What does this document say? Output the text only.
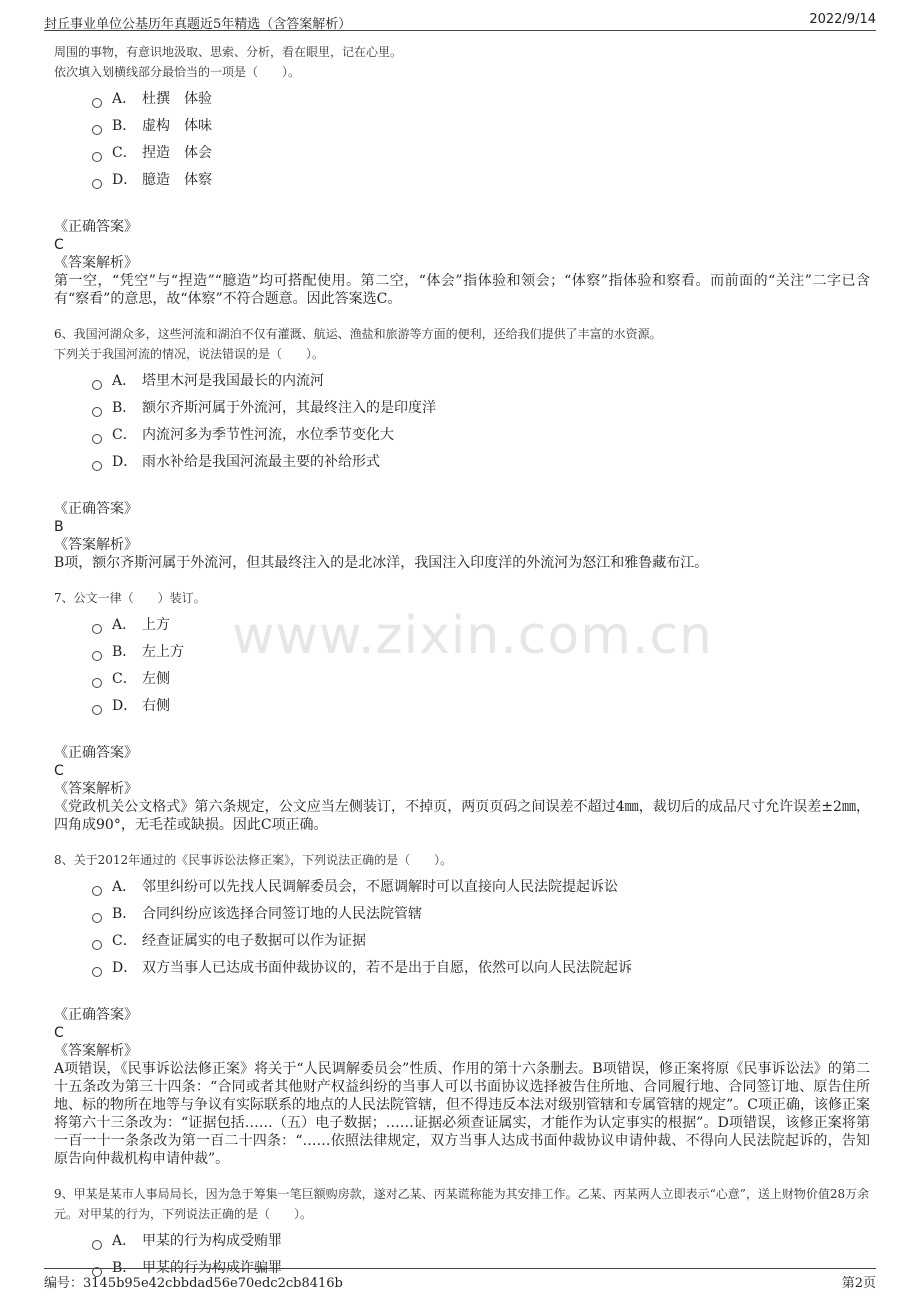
封丘事业单位公基历年真题近5年精选（含答案解析）	2022/9/14
www.zixin.com.cn
周围的事物，有意识地汲取、思索、分析，看在眼里，记在心里。
依次填入划横线部分最恰当的一项是（　　）。
A． 杜撰　体验
B． 虚构　体味
C． 捏造　体会
D． 臆造　体察
《正确答案》
C
《答案解析》
第一空，“凭空”与“捏造”“臆造”均可搭配使用。第二空，“体会”指体验和领会；“体察”指体验和察看。而前面的“关注”二字已含有“察看”的意思，故“体察”不符合题意。因此答案选C。
6、我国河湖众多，这些河流和湖泊不仅有灌溉、航运、渔盐和旅游等方面的便利，还给我们提供了丰富的水资源。
下列关于我国河流的情况，说法错误的是（　　）。
A． 塔里木河是我国最长的内流河
B． 额尔齐斯河属于外流河，其最终注入的是印度洋
C． 内流河多为季节性河流，水位季节变化大
D． 雨水补给是我国河流最主要的补给形式
《正确答案》
B
《答案解析》
B项，额尔齐斯河属于外流河，但其最终注入的是北冰洋，我国注入印度洋的外流河为怒江和雅鲁藏布江。
7、公文一律（　　）装订。
A． 上方
B． 左上方
C． 左侧
D． 右侧
《正确答案》
C
《答案解析》
《党政机关公文格式》第六条规定，公文应当左侧装订，不掉页，两页页码之间误差不超过4㎜，裁切后的成品尺寸允许误差±2㎜，四角成90°，无毛茬或缺损。因此C项正确。
8、关于2012年通过的《民事诉讼法修正案》，下列说法正确的是（　　）。
A． 邻里纠纷可以先找人民调解委员会，不愿调解时可以直接向人民法院提起诉讼
B． 合同纠纷应该选择合同签订地的人民法院管辖
C． 经查证属实的电子数据可以作为证据
D． 双方当事人已达成书面仲裁协议的，若不是出于自愿，依然可以向人民法院起诉
《正确答案》
C
《答案解析》
A项错误，《民事诉讼法修正案》将关于“人民调解委员会”性质、作用的第十六条删去。B项错误，修正案将原《民事诉讼法》的第二十五条改为第三十四条：“合同或者其他财产权益纠纷的当事人可以书面协议选择被告住所地、合同履行地、合同签订地、原告住所地、标的物所在地等与争议有实际联系的地点的人民法院管辖，但不得违反本法对级别管辖和专属管辖的规定”。C项正确，该修正案将第六十三条改为：“证据包括……（五）电子数据；……证据必须查证属实，才能作为认定事实的根据”。D项错误，该修正案将第一百一十一条条改为第一百二十四条：“……依照法律规定，双方当事人达成书面仲裁协议申请仲裁、不得向人民法院起诉的，告知原告向仲裁机构申请仲裁”。
9、甲某是某市人事局局长，因为急于筹集一笔巨额购房款，遂对乙某、丙某谎称能为其安排工作。乙某、丙某两人立即表示“心意”，送上财物价值28万余元。对甲某的行为，下列说法正确的是（　　）。
A． 甲某的行为构成受贿罪
B． 甲某的行为构成诈骗罪
编号：3145b95e42cbbdad56e70edc2cb8416b	第2页
